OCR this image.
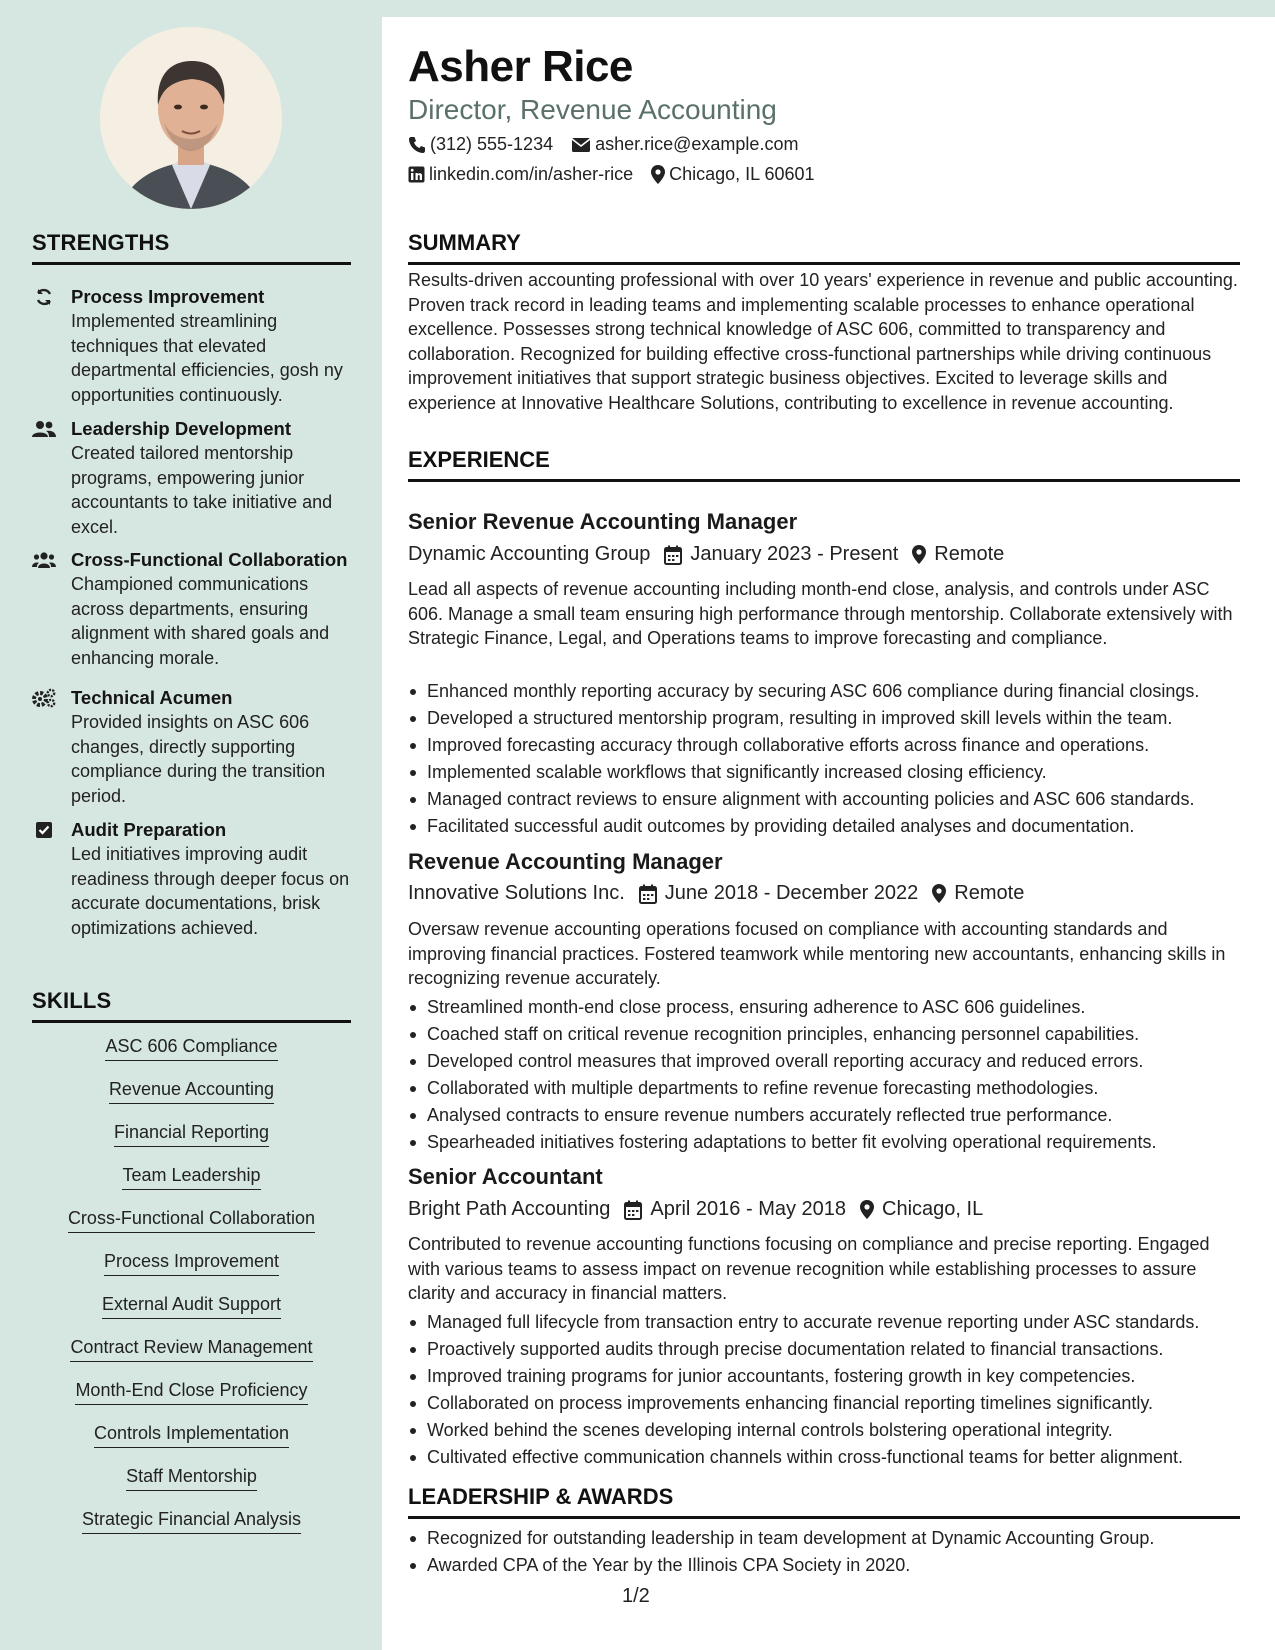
STRENGTHS
Process Improvement
Implemented streamlining techniques that elevated departmental efficiencies, gosh ny opportunities continuously.
Leadership Development
Created tailored mentorship programs, empowering junior accountants to take initiative and excel.
Cross-Functional Collaboration
Championed communications across departments, ensuring alignment with shared goals and enhancing morale.
Technical Acumen
Provided insights on ASC 606 changes, directly supporting compliance during the transition period.
Audit Preparation
Led initiatives improving audit readiness through deeper focus on accurate documentations, brisk optimizations achieved.
SKILLS
ASC 606 Compliance
Revenue Accounting
Financial Reporting
Team Leadership
Cross-Functional Collaboration
Process Improvement
External Audit Support
Contract Review Management
Month-End Close Proficiency
Controls Implementation
Staff Mentorship
Strategic Financial Analysis
Asher Rice
Director, Revenue Accounting
(312) 555-1234 asher.rice@example.com
linkedin.com/in/asher-rice Chicago, IL 60601
SUMMARY
Results-driven accounting professional with over 10 years' experience in revenue and public accounting. Proven track record in leading teams and implementing scalable processes to enhance operational excellence. Possesses strong technical knowledge of ASC 606, committed to transparency and collaboration. Recognized for building effective cross-functional partnerships while driving continuous improvement initiatives that support strategic business objectives. Excited to leverage skills and experience at Innovative Healthcare Solutions, contributing to excellence in revenue accounting.
EXPERIENCE
Senior Revenue Accounting Manager
Dynamic Accounting Group January 2023 - Present Remote
Lead all aspects of revenue accounting including month-end close, analysis, and controls under ASC 606. Manage a small team ensuring high performance through mentorship. Collaborate extensively with Strategic Finance, Legal, and Operations teams to improve forecasting and compliance.
Enhanced monthly reporting accuracy by securing ASC 606 compliance during financial closings.
Developed a structured mentorship program, resulting in improved skill levels within the team.
Improved forecasting accuracy through collaborative efforts across finance and operations.
Implemented scalable workflows that significantly increased closing efficiency.
Managed contract reviews to ensure alignment with accounting policies and ASC 606 standards.
Facilitated successful audit outcomes by providing detailed analyses and documentation.
Revenue Accounting Manager
Innovative Solutions Inc. June 2018 - December 2022 Remote
Oversaw revenue accounting operations focused on compliance with accounting standards and improving financial practices. Fostered teamwork while mentoring new accountants, enhancing skills in recognizing revenue accurately.
Streamlined month-end close process, ensuring adherence to ASC 606 guidelines.
Coached staff on critical revenue recognition principles, enhancing personnel capabilities.
Developed control measures that improved overall reporting accuracy and reduced errors.
Collaborated with multiple departments to refine revenue forecasting methodologies.
Analysed contracts to ensure revenue numbers accurately reflected true performance.
Spearheaded initiatives fostering adaptations to better fit evolving operational requirements.
Senior Accountant
Bright Path Accounting April 2016 - May 2018 Chicago, IL
Contributed to revenue accounting functions focusing on compliance and precise reporting. Engaged with various teams to assess impact on revenue recognition while establishing processes to assure clarity and accuracy in financial matters.
Managed full lifecycle from transaction entry to accurate revenue reporting under ASC standards.
Proactively supported audits through precise documentation related to financial transactions.
Improved training programs for junior accountants, fostering growth in key competencies.
Collaborated on process improvements enhancing financial reporting timelines significantly.
Worked behind the scenes developing internal controls bolstering operational integrity.
Cultivated effective communication channels within cross-functional teams for better alignment.
LEADERSHIP & AWARDS
Recognized for outstanding leadership in team development at Dynamic Accounting Group.
Awarded CPA of the Year by the Illinois CPA Society in 2020.
1/2
